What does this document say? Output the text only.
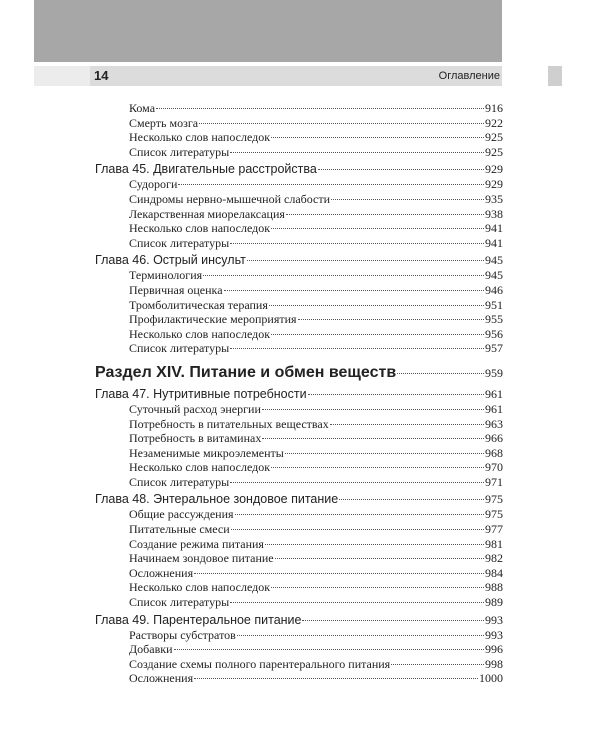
14	Оглавление
Кома	916
Смерть мозга	922
Несколько слов напоследок	925
Список литературы	925
Глава 45. Двигательные расстройства	929
Судороги	929
Синдромы нервно-мышечной слабости	935
Лекарственная миорелаксация	938
Несколько слов напоследок	941
Список литературы	941
Глава 46. Острый инсульт	945
Терминология	945
Первичная оценка	946
Тромболитическая терапия	951
Профилактические мероприятия	955
Несколько слов напоследок	956
Список литературы	957
Раздел XIV. Питание и обмен веществ	959
Глава 47. Нутритивные потребности	961
Суточный расход энергии	961
Потребность в питательных веществах	963
Потребность в витаминах	966
Незаменимые микроэлементы	968
Несколько слов напоследок	970
Список литературы	971
Глава 48. Энтеральное зондовое питание	975
Общие рассуждения	975
Питательные смеси	977
Создание режима питания	981
Начинаем зондовое питание	982
Осложнения	984
Несколько слов напоследок	988
Список литературы	989
Глава 49. Парентеральное питание	993
Растворы субстратов	993
Добавки	996
Создание схемы полного парентерального питания	998
Осложнения	1000
